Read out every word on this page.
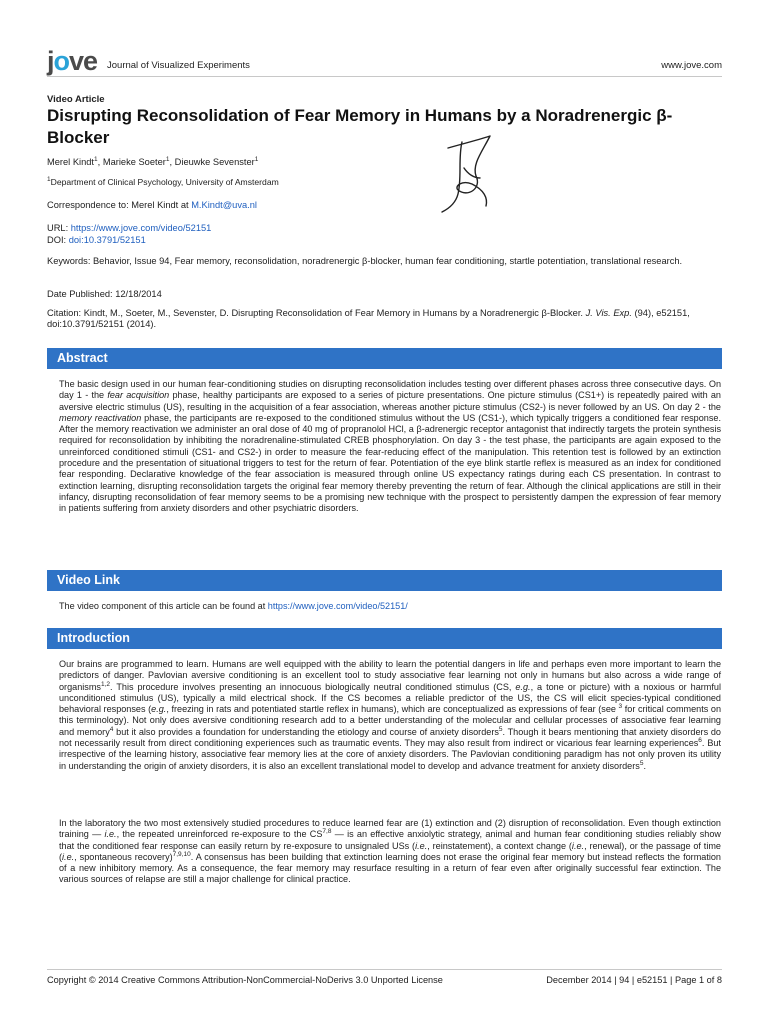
jove Journal of Visualized Experiments	www.jove.com
Video Article
Disrupting Reconsolidation of Fear Memory in Humans by a Noradrenergic β-Blocker
Merel Kindt$^1$, Marieke Soeter$^1$, Dieuwke Sevenster$^1$
$^1$Department of Clinical Psychology, University of Amsterdam
Correspondence to: Merel Kindt at M.Kindt@uva.nl
URL: https://www.jove.com/video/52151
DOI: doi:10.3791/52151
Keywords: Behavior, Issue 94, Fear memory, reconsolidation, noradrenergic β-blocker, human fear conditioning, startle potentiation, translational research.
Date Published: 12/18/2014
Citation: Kindt, M., Soeter, M., Sevenster, D. Disrupting Reconsolidation of Fear Memory in Humans by a Noradrenergic β-Blocker. J. Vis. Exp. (94), e52151, doi:10.3791/52151 (2014).
Abstract
The basic design used in our human fear-conditioning studies on disrupting reconsolidation includes testing over different phases across three consecutive days. On day 1 - the fear acquisition phase, healthy participants are exposed to a series of picture presentations. One picture stimulus (CS1+) is repeatedly paired with an aversive electric stimulus (US), resulting in the acquisition of a fear association, whereas another picture stimulus (CS2-) is never followed by an US. On day 2 - the memory reactivation phase, the participants are re-exposed to the conditioned stimulus without the US (CS1-), which typically triggers a conditioned fear response. After the memory reactivation we administer an oral dose of 40 mg of propranolol HCl, a β-adrenergic receptor antagonist that indirectly targets the protein synthesis required for reconsolidation by inhibiting the noradrenaline-stimulated CREB phosphorylation. On day 3 - the test phase, the participants are again exposed to the unreinforced conditioned stimuli (CS1- and CS2-) in order to measure the fear-reducing effect of the manipulation. This retention test is followed by an extinction procedure and the presentation of situational triggers to test for the return of fear. Potentiation of the eye blink startle reflex is measured as an index for conditioned fear responding. Declarative knowledge of the fear association is measured through online US expectancy ratings during each CS presentation. In contrast to extinction learning, disrupting reconsolidation targets the original fear memory thereby preventing the return of fear. Although the clinical applications are still in their infancy, disrupting reconsolidation of fear memory seems to be a promising new technique with the prospect to persistently dampen the expression of fear memory in patients suffering from anxiety disorders and other psychiatric disorders.
Video Link
The video component of this article can be found at https://www.jove.com/video/52151/
Introduction
Our brains are programmed to learn. Humans are well equipped with the ability to learn the potential dangers in life and perhaps even more important to learn the predictors of danger. Pavlovian aversive conditioning is an excellent tool to study associative fear learning not only in humans but also across a wide range of organisms$^{1,2}$. This procedure involves presenting an innocuous biologically neutral conditioned stimulus (CS, e.g., a tone or picture) with a noxious or harmful unconditioned stimulus (US), typically a mild electrical shock. If the CS becomes a reliable predictor of the US, the CS will elicit species-typical conditioned behavioral responses (e.g., freezing in rats and potentiated startle reflex in humans), which are conceptualized as expressions of fear (see $^3$ for critical comments on this terminology). Not only does aversive conditioning research add to a better understanding of the molecular and cellular processes of associative fear learning and memory$^4$ but it also provides a foundation for understanding the etiology and course of anxiety disorders$^5$. Though it bears mentioning that anxiety disorders do not necessarily result from direct conditioning experiences such as traumatic events. They may also result from indirect or vicarious fear learning experiences$^6$. But irrespective of the learning history, associative fear memory lies at the core of anxiety disorders. The Pavlovian conditioning paradigm has not only proven its utility in understanding the origin of anxiety disorders, it is also an excellent translational model to develop and advance treatment for anxiety disorders$^5$.
In the laboratory the two most extensively studied procedures to reduce learned fear are (1) extinction and (2) disruption of reconsolidation. Even though extinction training — i.e., the repeated unreinforced re-exposure to the CS$^{7,8}$ — is an effective anxiolytic strategy, animal and human fear conditioning studies reliably show that the conditioned fear response can easily return by re-exposure to unsignaled USs (i.e., reinstatement), a context change (i.e., renewal), or the passage of time (i.e., spontaneous recovery)$^{7,9,10}$. A consensus has been building that extinction learning does not erase the original fear memory but instead reflects the formation of a new inhibitory memory. As a consequence, the fear memory may resurface resulting in a return of fear even after originally successful fear extinction. The various sources of relapse are still a major challenge for clinical practice.
Copyright © 2014 Creative Commons Attribution-NonCommercial-NoDerivs 3.0 Unported License	December 2014 | 94 | e52151 | Page 1 of 8
